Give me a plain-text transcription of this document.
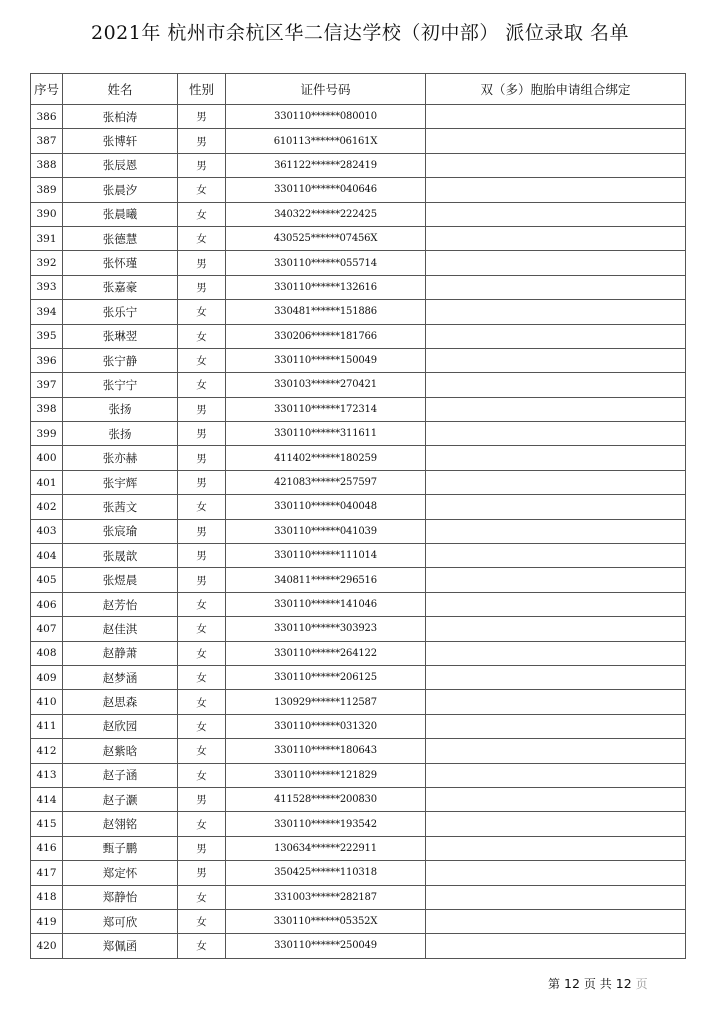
2021年 杭州市余杭区华二信达学校（初中部） 派位录取 名单
序号	姓名	性别	证件号码	双（多）胞胎申请组合绑定
386	张柏涛	男	330110******080010	
387	张博轩	男	610113******06161X	
388	张辰恩	男	361122******282419	
389	张晨汐	女	330110******040646	
390	张晨曦	女	340322******222425	
391	张德慧	女	430525******07456X	
392	张怀瑾	男	330110******055714	
393	张嘉豪	男	330110******132616	
394	张乐宁	女	330481******151886	
395	张琳翌	女	330206******181766	
396	张宁静	女	330110******150049	
397	张宁宁	女	330103******270421	
398	张扬	男	330110******172314	
399	张扬	男	330110******311611	
400	张亦赫	男	411402******180259	
401	张宇辉	男	421083******257597	
402	张茜文	女	330110******040048	
403	张宸瑜	男	330110******041039	
404	张晟歆	男	330110******111014	
405	张煜晨	男	340811******296516	
406	赵芳怡	女	330110******141046	
407	赵佳淇	女	330110******303923	
408	赵静萧	女	330110******264122	
409	赵梦涵	女	330110******206125	
410	赵思森	女	130929******112587	
411	赵欣园	女	330110******031320	
412	赵紫晗	女	330110******180643	
413	赵子涵	女	330110******121829	
414	赵子灏	男	411528******200830	
415	赵翎铭	女	330110******193542	
416	甄子鹏	男	130634******222911	
417	郑定怀	男	350425******110318	
418	郑静怡	女	331003******282187	
419	郑可欣	女	330110******05352X	
420	郑佩函	女	330110******250049	
第 12 页 共 12 页
